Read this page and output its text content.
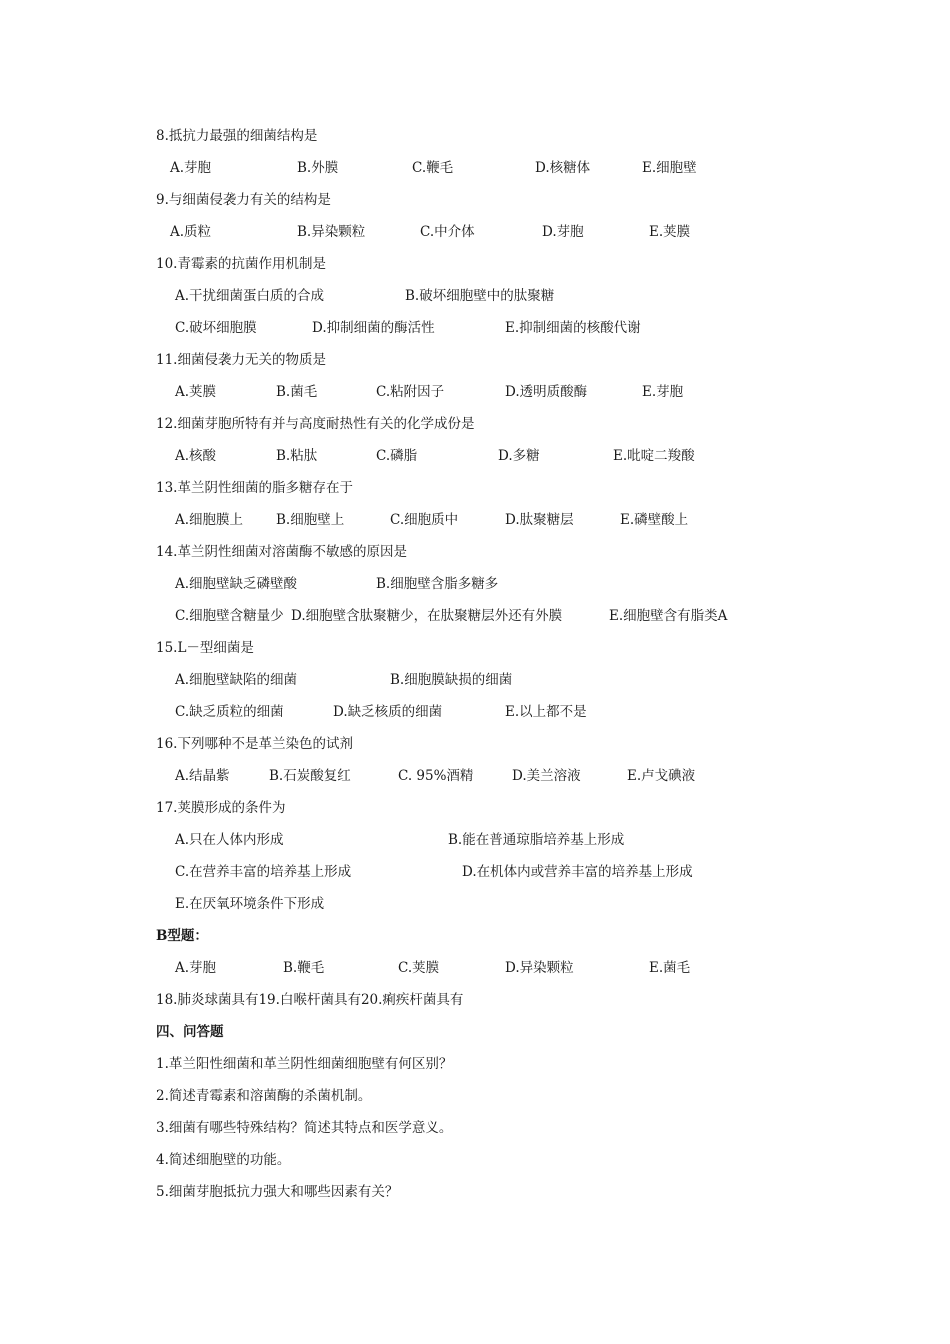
8.抵抗力最强的细菌结构是
A.芽胞	B.外膜	C.鞭毛	D.核糖体	E.细胞壁
9.与细菌侵袭力有关的结构是
A.质粒	B.异染颗粒	C.中介体	D.芽胞	E.荚膜
10.青霉素的抗菌作用机制是
A.干扰细菌蛋白质的合成	B.破坏细胞壁中的肽聚糖
C.破坏细胞膜	D.抑制细菌的酶活性	E.抑制细菌的核酸代谢
11.细菌侵袭力无关的物质是
A.荚膜	B.菌毛	C.粘附因子	D.透明质酸酶	E.芽胞
12.细菌芽胞所特有并与高度耐热性有关的化学成份是
A.核酸	B.粘肽	C.磷脂	D.多糖	E.吡啶二羧酸
13.革兰阴性细菌的脂多糖存在于
A.细胞膜上 B.细胞壁上	C.细胞质中	D.肽聚糖层	E.磷壁酸上
14.革兰阴性细菌对溶菌酶不敏感的原因是
A.细胞壁缺乏磷壁酸	B.细胞壁含脂多糖多
C.细胞壁含糖量少 D.细胞壁含肽聚糖少，在肽聚糖层外还有外膜	E.细胞壁含有脂类A
15.L－型细菌是
A.细胞壁缺陷的细菌	B.细胞膜缺损的细菌
C.缺乏质粒的细菌	D.缺乏核质的细菌	E.以上都不是
16.下列哪种不是革兰染色的试剂
A.结晶紫	B.石炭酸复红	C. 95%酒精	D.美兰溶液	E.卢戈碘液
17.荚膜形成的条件为
A.只在人体内形成	B.能在普通琼脂培养基上形成
C.在营养丰富的培养基上形成	D.在机体内或营养丰富的培养基上形成
E.在厌氧环境条件下形成
B型题：
A.芽胞	B.鞭毛	C.荚膜	D.异染颗粒	E.菌毛
18.肺炎球菌具有19.白喉杆菌具有20.痢疾杆菌具有
四、问答题
1.革兰阳性细菌和革兰阴性细菌细胞壁有何区别？
2.简述青霉素和溶菌酶的杀菌机制。
3.细菌有哪些特殊结构？简述其特点和医学意义。
4.简述细胞壁的功能。
5.细菌芽胞抵抗力强大和哪些因素有关？
